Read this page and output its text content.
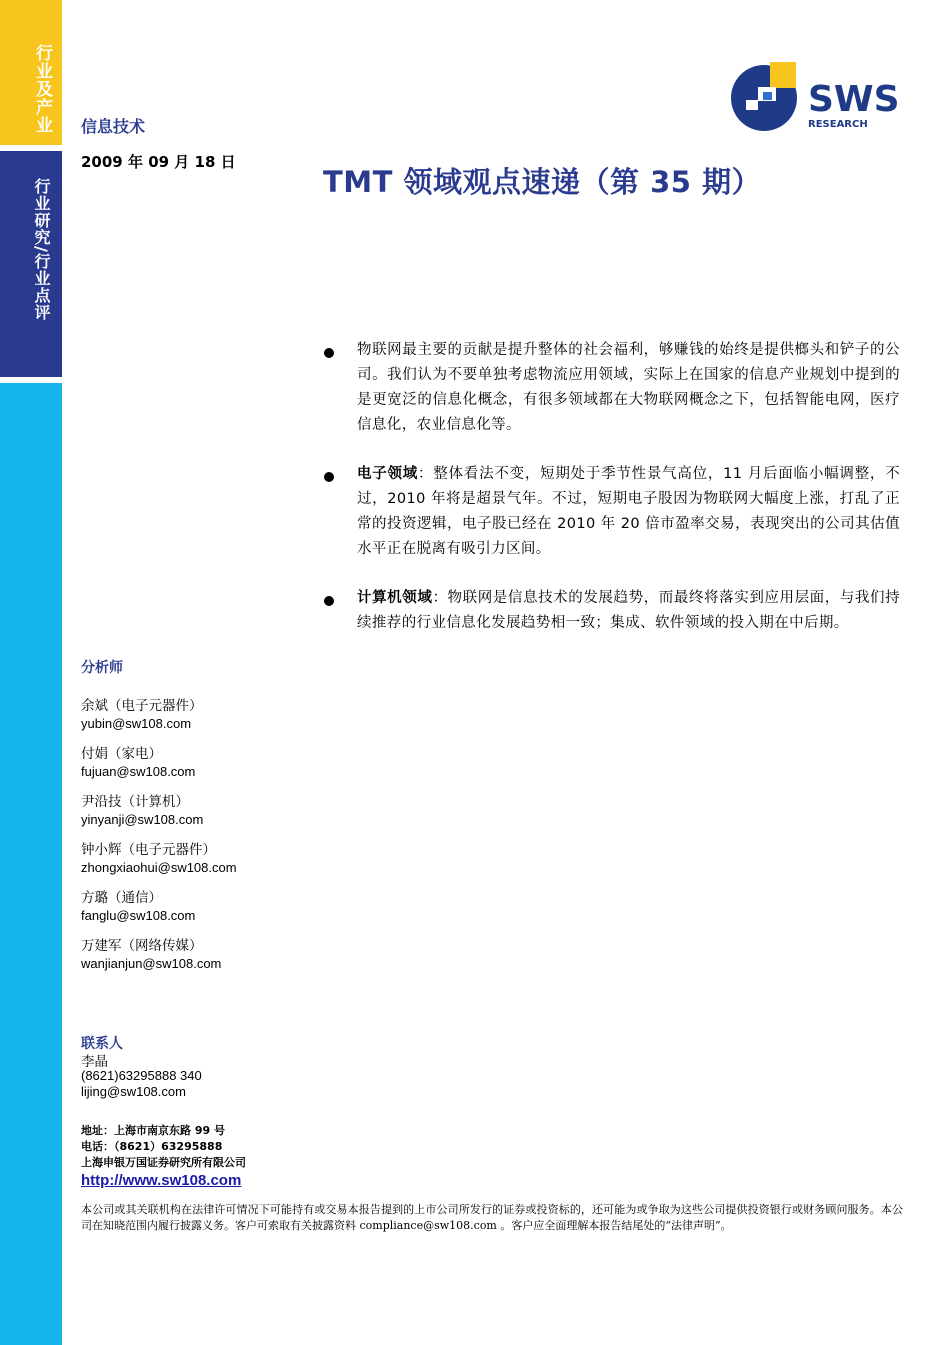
行业及产业
行业研究/行业点评
信息技术
2009 年 09 月 18 日
TMT 领域观点速递（第 35 期）
SWS
RESEARCH
物联网最主要的贡献是提升整体的社会福利，够赚钱的始终是提供榔头和铲子的公司。我们认为不要单独考虑物流应用领域，实际上在国家的信息产业规划中提到的是更宽泛的信息化概念，有很多领域都在大物联网概念之下，包括智能电网，医疗信息化，农业信息化等。
电子领域：整体看法不变，短期处于季节性景气高位，11 月后面临小幅调整，不过，2010 年将是超景气年。不过，短期电子股因为物联网大幅度上涨，打乱了正常的投资逻辑，电子股已经在 2010 年 20 倍市盈率交易，表现突出的公司其估值水平正在脱离有吸引力区间。
计算机领域：物联网是信息技术的发展趋势，而最终将落实到应用层面，与我们持续推荐的行业信息化发展趋势相一致；集成、软件领域的投入期在中后期。
分析师
余斌（电子元器件）
yubin@sw108.com
付娟（家电）
fujuan@sw108.com
尹沿技（计算机）
yinyanji@sw108.com
钟小辉（电子元器件）
zhongxiaohui@sw108.com
方璐（通信）
fanglu@sw108.com
万建军（网络传媒）
wanjianjun@sw108.com
联系人
李晶
(8621)63295888 340
lijing@sw108.com
地址：上海市南京东路 99 号
电话：（8621）63295888
上海申银万国证券研究所有限公司
http://www.sw108.com
本公司或其关联机构在法律许可情况下可能持有或交易本报告提到的上市公司所发行的证券或投资标的，还可能为或争取为这些公司提供投资银行或财务顾问服务。本公司在知晓范围内履行披露义务。客户可索取有关披露资料 compliance@sw108.com 。客户应全面理解本报告结尾处的“法律声明”。
